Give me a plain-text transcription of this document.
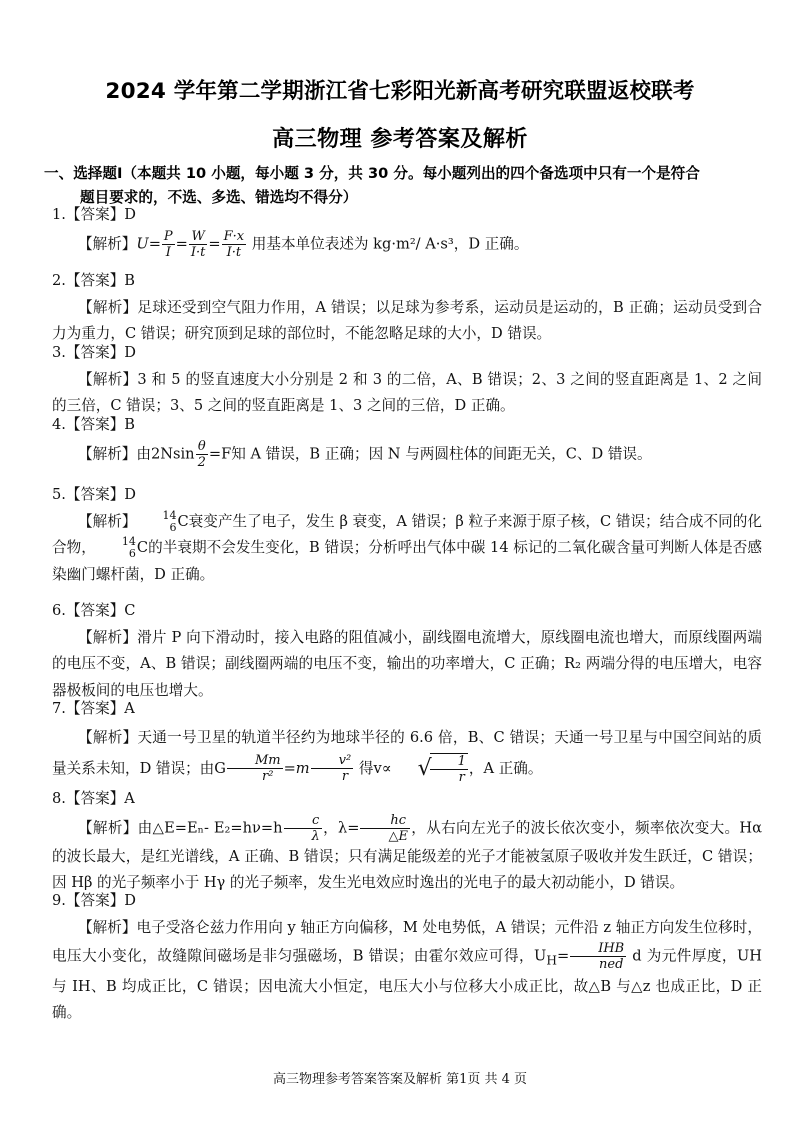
2024 学年第二学期浙江省七彩阳光新高考研究联盟返校联考
高三物理 参考答案及解析
一、选择题Ⅰ（本题共 10 小题，每小题 3 分，共 30 分。每小题列出的四个备选项中只有一个是符合
题目要求的，不选、多选、错选均不得分）
1.【答案】D
【解析】$U= \frac{P}{I} = \frac{W}{I\cdot t} = \frac{F\cdot x}{I\cdot t}$ 用基本单位表述为 kg·m²/ A·s³，D 正确。
2.【答案】B
【解析】足球还受到空气阻力作用，A 错误；以足球为参考系，运动员是运动的，B 正确；运动员受到合力为重力，C 错误；研究顶到足球的部位时，不能忽略足球的大小，D 错误。
3.【答案】D
【解析】3 和 5 的竖直速度大小分别是 2 和 3 的二倍，A、B 错误；2、3 之间的竖直距离是 1、2 之间的三倍，C 错误；3、5 之间的竖直距离是 1、3 之间的三倍，D 正确。
4.【答案】B
【解析】由$2Nsin \frac{\theta}{2} =F$知 A 错误，B 正确；因 N 与两圆柱体的间距无关，C、D 错误。
5.【答案】D
【解析】	14
6 C衰变产生了电子，发生 β 衰变，A 错误；β 粒子来源于原子核，C 错误；结合成不同的化合物，	14
6 C的半衰期不会发生变化，B 错误；分析呼出气体中碳 14 标记的二氧化碳含量可判断人体是否感染幽门螺杆菌，D 正确。
6.【答案】C
【解析】滑片 P 向下滑动时，接入电路的阻值减小，副线圈电流增大，原线圈电流也增大，而原线圈两端的电压不变，A、B 错误；副线圈两端的电压不变，输出的功率增大，C 正确；R₂ 两端分得的电压增大，电容器极板间的电压也增大。
7.【答案】A
【解析】天通一号卫星的轨道半径约为地球半径的 6.6 倍，B、C 错误；天通一号卫星与中国空间站的质量关系未知，D 错误；由G $\frac{Mm}{\text{r²}} =m \frac{\text{v²}}{r}$ 得v∝ √
$\frac{1}{r}$ ，A 正确。
8.【答案】A
【解析】由△E=Eₙ- $E_2=h\nu=h \frac{c}{\lambda}$ ，$\lambda= \frac{hc}{\triangle E}$ ，从右向左光子的波长依次变小，频率依次变大。Hα 的波长最大，是红光谱线，A 正确、B 错误；只有满足能级差的光子才能被氢原子吸收并发生跃迁，C 错误；因 Hβ 的光子频率小于 Hγ 的光子频率，发生光电效应时逸出的光电子的最大初动能小，D 错误。
9.【答案】D
【解析】电子受洛仑兹力作用向 y 轴正方向偏移，M 处电势低，A 错误；元件沿 z 轴正方向发生位移时，电压大小变化，故缝隙间磁场是非匀强磁场，B 错误；由霍尔效应可得，$U_H= \frac{\text{IHB}}{\text{ned}}$ d 为元件厚度，UH 与 IH、B 均成正比，C 错误；因电流大小恒定，电压大小与位移大小成正比，故△B 与△z 也成正比，D 正确。
高三物理参考答案答案及解析 第1页 共 4 页
